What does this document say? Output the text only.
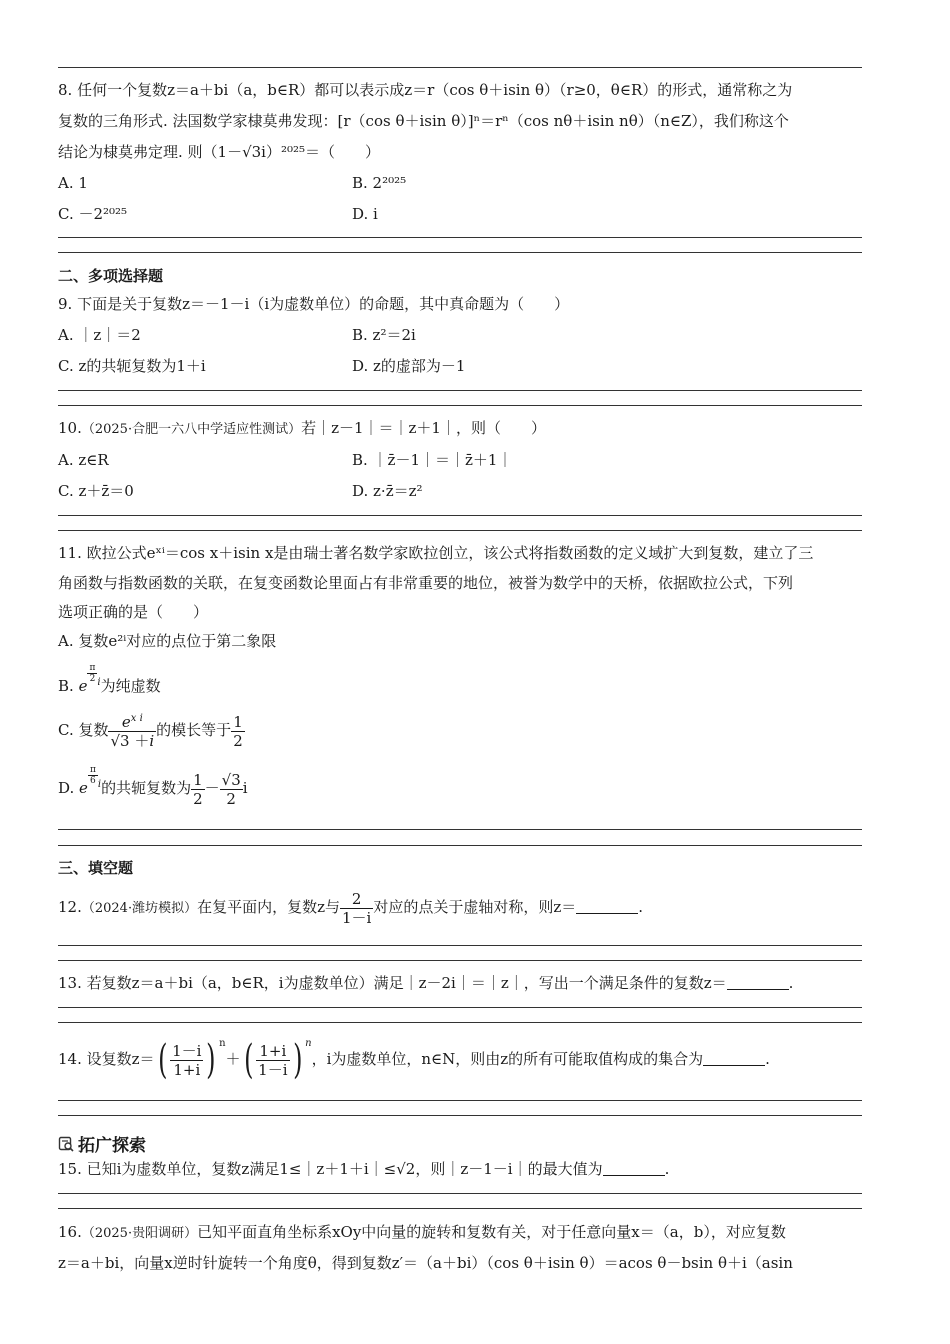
8. 任何一个复数z＝a＋bi（a，b∈R）都可以表示成z＝r（cos θ＋isin θ）（r≥0，θ∈R）的形式，通常称之为
复数的三角形式. 法国数学家棣莫弗发现：[r（cos θ＋isin θ）]ⁿ＝rⁿ（cos nθ＋isin nθ）（n∈Z），我们称这个
结论为棣莫弗定理. 则（1－√3i）²⁰²⁵＝（　　）
A. 1	B. 2²⁰²⁵
C. －2²⁰²⁵	D. i
二、多项选择题
9. 下面是关于复数z＝－1－i（i为虚数单位）的命题，其中真命题为（　　）
A. ｜z｜＝2	B. z²＝2i
C. z的共轭复数为1＋i	D. z的虚部为－1
10.（2025·合肥一六八中学适应性测试）若｜z－1｜＝｜z＋1｜，则（　　）
A. z∈R	B. ｜z̄－1｜＝｜z̄＋1｜
C. z＋z̄＝0	D. z·z̄＝z²
11. 欧拉公式eˣⁱ＝cos x＋isin x是由瑞士著名数学家欧拉创立，该公式将指数函数的定义域扩大到复数，建立了三
角函数与指数函数的关联，在复变函数论里面占有非常重要的地位，被誉为数学中的天桥，依据欧拉公式，下列
选项正确的是（　　）
A. 复数e²ⁱ对应的点位于第二象限
B. e
$^{\frac{\pi}{2} i}$为纯虚数
C. 复数 $\frac{e^{x i}}{√3 +i}$ 的模长等于 $\frac{1}{2}$
D. e
$^{\frac{\pi}{6} i}$的共轭复数为 $\frac{1}{2} - \frac{√3}{2}$ i
三、填空题
12.（2024·潍坊模拟）在复平面内，复数z与 $\frac{2}{1-i}$ 对应的点关于虚轴对称，则z＝	.
13. 若复数z＝a＋bi（a，b∈R，i为虚数单位）满足｜z－2i｜＝｜z｜，写出一个满足条件的复数z＝	.
14. 设复数$z=( \frac{1-i}{1+i}$ ) $^n+( \frac{1+i}{1-i}$ ) $^n$，i为虚数单位，n∈N，则由z的所有可能取值构成的集合为	.
拓广探索
15. 已知i为虚数单位，复数z满足1≤｜z＋1＋i｜≤√2，则｜z－1－i｜的最大值为	.
16.（2025·贵阳调研）已知平面直角坐标系xOy中向量的旋转和复数有关，对于任意向量x＝（a，b），对应复数
z＝a＋bi，向量x逆时针旋转一个角度θ，得到复数z′＝（a＋bi）（cos θ＋isin θ）＝acos θ－bsin θ＋i（asin
